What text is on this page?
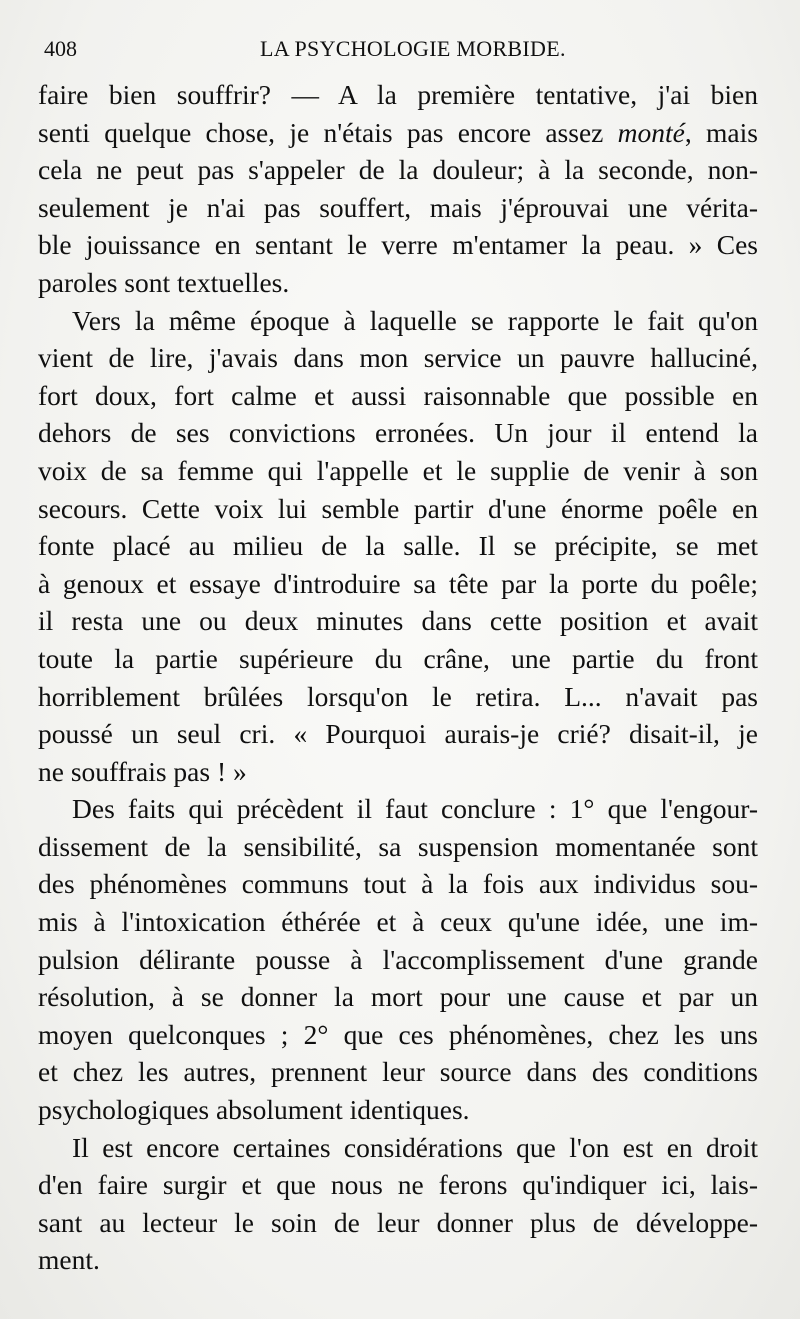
408	LA PSYCHOLOGIE MORBIDE.
faire bien souffrir? — A la première tentative, j'ai bien
senti quelque chose, je n'étais pas encore assez monté, mais
cela ne peut pas s'appeler de la douleur; à la seconde, non-
seulement je n'ai pas souffert, mais j'éprouvai une vérita-
ble jouissance en sentant le verre m'entamer la peau. » Ces
paroles sont textuelles.
Vers la même époque à laquelle se rapporte le fait qu'on
vient de lire, j'avais dans mon service un pauvre halluciné,
fort doux, fort calme et aussi raisonnable que possible en
dehors de ses convictions erronées. Un jour il entend la
voix de sa femme qui l'appelle et le supplie de venir à son
secours. Cette voix lui semble partir d'une énorme poêle en
fonte placé au milieu de la salle. Il se précipite, se met
à genoux et essaye d'introduire sa tête par la porte du poêle;
il resta une ou deux minutes dans cette position et avait
toute la partie supérieure du crâne, une partie du front
horriblement brûlées lorsqu'on le retira. L... n'avait pas
poussé un seul cri. « Pourquoi aurais-je crié? disait-il, je
ne souffrais pas ! »
Des faits qui précèdent il faut conclure : 1° que l'engour-
dissement de la sensibilité, sa suspension momentanée sont
des phénomènes communs tout à la fois aux individus sou-
mis à l'intoxication éthérée et à ceux qu'une idée, une im-
pulsion délirante pousse à l'accomplissement d'une grande
résolution, à se donner la mort pour une cause et par un
moyen quelconques ; 2° que ces phénomènes, chez les uns
et chez les autres, prennent leur source dans des conditions
psychologiques absolument identiques.
Il est encore certaines considérations que l'on est en droit
d'en faire surgir et que nous ne ferons qu'indiquer ici, lais-
sant au lecteur le soin de leur donner plus de développe-
ment.
